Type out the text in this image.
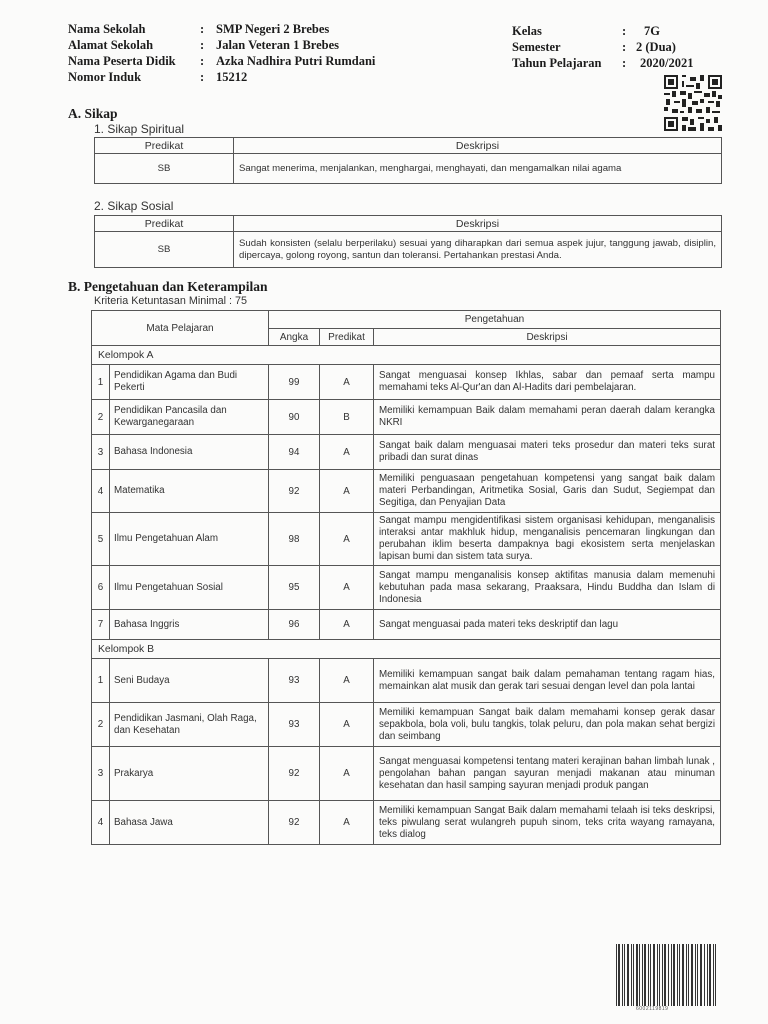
Nama Sekolah	: SMP Negeri 2 Brebes
Alamat Sekolah	: Jalan Veteran 1 Brebes
Nama Peserta Didik : Azka Nadhira Putri Rumdani
Nomor Induk	: 15212
Kelas	: 7G
Semester	: 2 (Dua)
Tahun Pelajaran : 2020/2021
A. Sikap
1. Sikap Spiritual
Predikat	Deskripsi
SB	Sangat menerima, menjalankan, menghargai, menghayati, dan mengamalkan nilai agama
2. Sikap Sosial
Predikat	Deskripsi
SB	Sudah konsisten (selalu berperilaku) sesuai yang diharapkan dari semua aspek jujur, tanggung jawab, disiplin, dipercaya, golong royong, santun dan toleransi. Pertahankan prestasi Anda.
B. Pengetahuan dan Keterampilan
Kriteria Ketuntasan Minimal : 75
Mata Pelajaran		Pengetahuan		
		Angka	Predikat	Deskripsi
Kelompok A				
1	Pendidikan Agama dan Budi Pekerti	99	A	Sangat menguasai konsep Ikhlas, sabar dan pemaaf serta mampu memahami teks Al-Qur'an dan Al-Hadits dari pembelajaran.
2	Pendidikan Pancasila dan Kewarganegaraan	90	B	Memiliki kemampuan Baik dalam memahami peran daerah dalam kerangka NKRI
3	Bahasa Indonesia	94	A	Sangat baik dalam menguasai materi teks prosedur dan materi teks surat pribadi dan surat dinas
4	Matematika	92	A	Memiliki penguasaan pengetahuan kompetensi yang sangat baik dalam materi Perbandingan, Aritmetika Sosial, Garis dan Sudut, Segiempat dan Segitiga, dan Penyajian Data
5	Ilmu Pengetahuan Alam	98	A	Sangat mampu mengidentifikasi sistem organisasi kehidupan, menganalisis interaksi antar makhluk hidup, menganalisis pencemaran lingkungan dan perubahan iklim beserta dampaknya bagi ekosistem serta menjelaskan lapisan bumi dan sistem tata surya.
6	Ilmu Pengetahuan Sosial	95	A	Sangat mampu menganalisis konsep aktifitas manusia dalam memenuhi kebutuhan pada masa sekarang, Praaksara, Hindu Buddha dan Islam di Indonesia
7	Bahasa Inggris	96	A	Sangat menguasai pada materi teks deskriptif dan lagu
Kelompok B				
1	Seni Budaya	93	A	Memiliki kemampuan sangat baik dalam pemahaman tentang ragam hias, memainkan alat musik dan gerak tari sesuai dengan level dan pola lantai
2	Pendidikan Jasmani, Olah Raga, dan Kesehatan	93	A	Memiliki kemampuan Sangat baik dalam memahami konsep gerak dasar sepakbola, bola voli, bulu tangkis, tolak peluru, dan pola makan sehat bergizi dan seimbang
3	Prakarya	92	A	Sangat menguasai kompetensi tentang materi kerajinan bahan limbah lunak , pengolahan bahan pangan sayuran menjadi makanan atau minuman kesehatan dan hasil samping sayuran menjadi produk pangan
4	Bahasa Jawa	92	A	Memiliki kemampuan Sangat Baik dalam memahami telaah isi teks deskripsi, teks piwulang serat wulangreh pupuh sinom, teks crita wayang ramayana, teks dialog
6002119819
